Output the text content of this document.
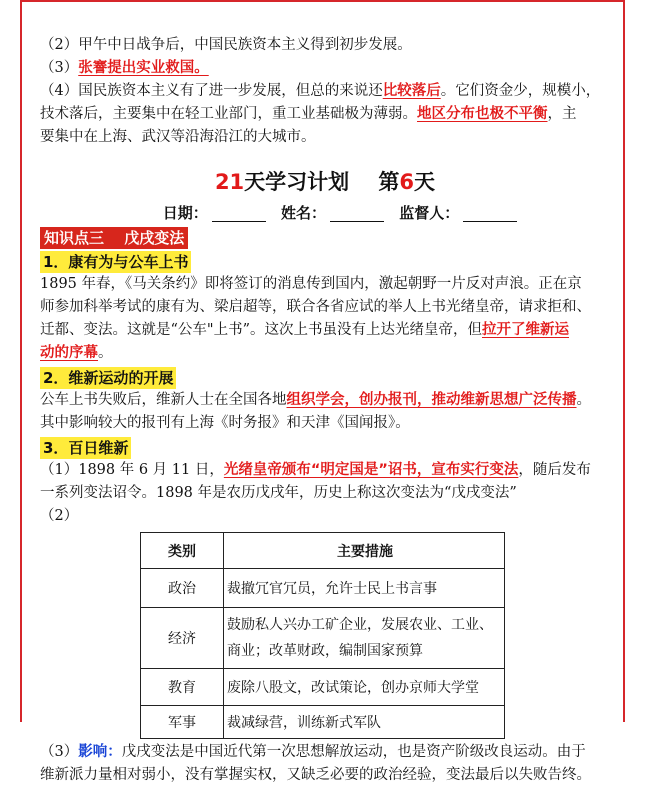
（2）甲午中日战争后，中国民族资本主义得到初步发展。
（3）张謇提出实业救国。
（4）国民族资本主义有了进一步发展，但总的来说还比较落后。它们资金少，规模小，
技术落后，主要集中在轻工业部门，重工业基础极为薄弱。地区分布也极不平衡，主
要集中在上海、武汉等沿海沿江的大城市。
21天学习计划 第6天
日期：	姓名：	监督人：
知识点三　 戊戌变法
1．康有为与公车上书
1895 年春，《马关条约》即将签订的消息传到国内，激起朝野一片反对声浪。正在京
师参加科举考试的康有为、梁启超等，联合各省应试的举人上书光绪皇帝，请求拒和、
迁都、变法。这就是“公车"上书”。这次上书虽没有上达光绪皇帝，但拉开了维新运
动的序幕。
2．维新运动的开展
公车上书失败后，维新人士在全国各地组织学会，创办报刊，推动维新思想广泛传播。
其中影响较大的报刊有上海《时务报》和天津《国闻报》。
3．百日维新
（1）1898 年 6 月 11 日，光绪皇帝颁布“明定国是”诏书，宣布实行变法，随后发布
一系列变法诏令。1898 年是农历戊戌年，历史上称这次变法为“戊戌变法”
（2）
类别	主要措施
政治	裁撤冗官冗员，允许士民上书言事
经济	鼓励私人兴办工矿企业，发展农业、工业、商业；改革财政，编制国家预算
教育	废除八股文，改试策论，创办京师大学堂
军事	裁减绿营，训练新式军队
（3）影响：戊戌变法是中国近代第一次思想解放运动，也是资产阶级改良运动。由于
维新派力量相对弱小，没有掌握实权，又缺乏必要的政治经验，变法最后以失败告终。
